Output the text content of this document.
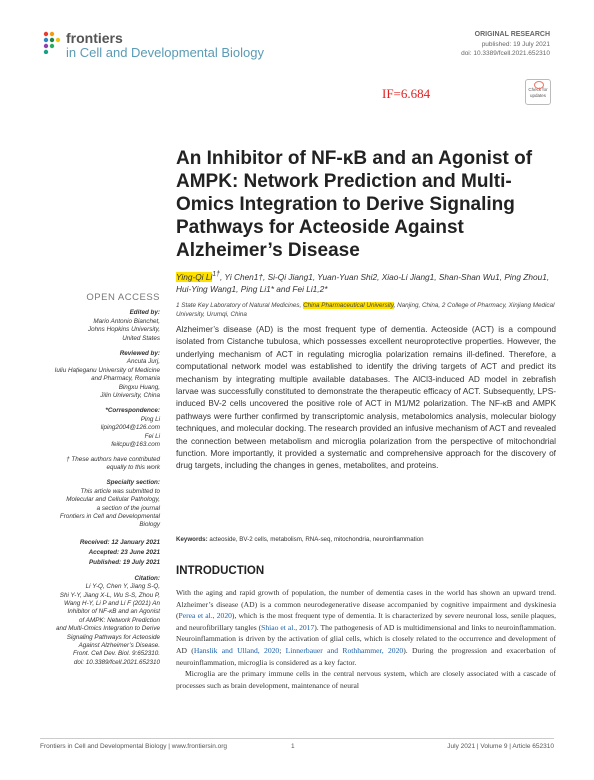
frontiers
in Cell and Developmental Biology
ORIGINAL RESEARCH
published: 19 July 2021
doi: 10.3389/fcell.2021.652310
IF=6.684	Check for updates
An Inhibitor of NF-κB and an Agonist of AMPK: Network Prediction and Multi-Omics Integration to Derive Signaling Pathways for Acteoside Against Alzheimer’s Disease
Ying-Qi $Li^{1\dagger}$, Yi Chen1†, Si-Qi Jiang1, Yuan-Yuan Shi2, Xiao-Li Jiang1, Shan-Shan Wu1, Ping Zhou1, Hui-Ying Wang1, Ping Li1* and Fei Li1,2*
1 State Key Laboratory of Natural Medicines, China Pharmaceutical University, Nanjing, China, 2 College of Pharmacy, Xinjiang Medical University, Urumqi, China
OPEN ACCESS
Edited by:
Mario Antonio Bianchet,
Johns Hopkins University,
United States
Reviewed by:
Ancuta Jurj,
Iuliu Hațieganu University of Medicine
and Pharmacy, Romania
Bingxu Huang,
Jilin University, China
*Correspondence:
Ping Li
liping2004@126.com
Fei Li
feilcpu@163.com
† These authors have contributed
equally to this work
Specialty section:
This article was submitted to
Molecular and Cellular Pathology,
a section of the journal
Frontiers in Cell and Developmental
Biology
Received: 12 January 2021
Accepted: 23 June 2021
Published: 19 July 2021
Citation:
Li Y-Q, Chen Y, Jiang S-Q,
Shi Y-Y, Jiang X-L, Wu S-S, Zhou P,
Wang H-Y, Li P and Li F (2021) An
Inhibitor of NF-κB and an Agonist
of AMPK: Network Prediction
and Multi-Omics Integration to Derive
Signaling Pathways for Acteoside
Against Alzheimer’s Disease.
Front. Cell Dev. Biol. 9:652310.
doi: 10.3389/fcell.2021.652310
Alzheimer’s disease (AD) is the most frequent type of dementia. Acteoside (ACT) is a compound isolated from Cistanche tubulosa, which possesses excellent neuroprotective properties. However, the underlying mechanism of ACT in regulating microglia polarization remains ill-defined. Therefore, a computational network model was established to identify the driving targets of ACT and predict its mechanism by integrating multiple available databases. The AlCl3-induced AD model in zebrafish larvae was successfully constituted to demonstrate the therapeutic efficacy of ACT. Subsequently, LPS-induced BV-2 cells uncovered the positive role of ACT in M1/M2 polarization. The NF-κB and AMPK pathways were further confirmed by transcriptomic analysis, metabolomics analysis, molecular biology techniques, and molecular docking. The research provided an infusive mechanism of ACT and revealed the connection between metabolism and microglia polarization from the perspective of mitochondrial function. More importantly, it provided a systematic and comprehensive approach for the discovery of drug targets, including the changes in genes, metabolites, and proteins.
Keywords: acteoside, BV-2 cells, metabolism, RNA-seq, mitochondria, neuroinflammation
INTRODUCTION

With the aging and rapid growth of population, the number of dementia cases in the world has shown an upward trend. Alzheimer’s disease (AD) is a common neurodegenerative disease accompanied by cognitive impairment and dyskinesia (Perea et al., 2020), which is the most frequent type of dementia. It is characterized by severe neuronal loss, senile plaques, and neurofibrillary tangles (Shiao et al., 2017). The pathogenesis of AD is multidimensional and links to neuroinflammation. Neuroinflammation is driven by the activation of glial cells, which is closely related to the occurrence and development of AD (Hanslik and Ulland, 2020; Linnerbauer and Rothhammer, 2020). During the progression and exacerbation of neuroinflammation, microglia is considered as a key factor.

Microglia are the primary immune cells in the central nervous system, which are closely associated with a cascade of processes such as brain development, maintenance of neural

Frontiers in Cell and Developmental Biology | www.frontiersin.org	1	July 2021 | Volume 9 | Article 652310
